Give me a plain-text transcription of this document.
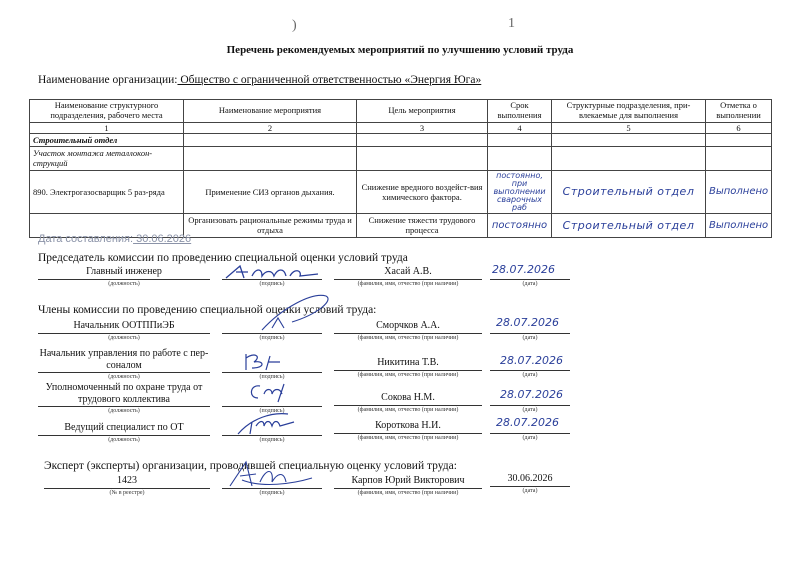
)	1
Перечень рекомендуемых мероприятий по улучшению условий труда
Наименование организации: Общество с ограниченной ответственностью «Энергия Юга»
Наименование структурного подразделения, рабочего места	Наименование мероприятия	Цель мероприятия	Срок выполнения	Структурные подразделения, при-влекаемые для выполнения	Отметка о выполнении
1	2	3	4	5	6
Строительный отдел					
Участок монтажа металлокон-струкций					
890. Электрогазосварщик 5 раз-ряда	Применение СИЗ органов дыхания.	Снижение вредного воздейст-вия химического фактора.	постоянно, при выполнении сварочных раб	Строительный отдел	Выполнено
	Организовать рациональные режимы труда и отдыха	Снижение тяжести трудового процесса	постоянно	Строительный отдел	Выполнено
Дата составления: 30.06.2026
Председатель комиссии по проведению специальной оценки условий труда
Главный инженер
(должность)	(подпись)
Хасай А.В.
(фамилия, имя, отчество (при наличии)
28.07.2026
(дата)
Члены комиссии по проведению специальной оценки условий труда:
Начальник ООТППиЭБ
(должность)	(подпись)
Сморчков А.А.
(фамилия, имя, отчество (при наличии)
28.07.2026
(дата)
Начальник управления по работе с пер-соналом
(должность)	(подпись)
Никитина Т.В.
(фамилия, имя, отчество (при наличии)
28.07.2026
(дата)
Уполномоченный по охране труда от трудового коллектива
(должность)	(подпись)
Сокова Н.М.
(фамилия, имя, отчество (при наличии)
28.07.2026
(дата)
Ведущий специалист по ОТ
(должность)	(подпись)
Короткова Н.И.
(фамилия, имя, отчество (при наличии)
28.07.2026
(дата)
Эксперт (эксперты) организации, проводившей специальную оценку условий труда:
1423
(№ в реестре)	(подпись)
Карпов Юрий Викторович
(фамилия, имя, отчество (при наличии)
30.06.2026
(дата)
